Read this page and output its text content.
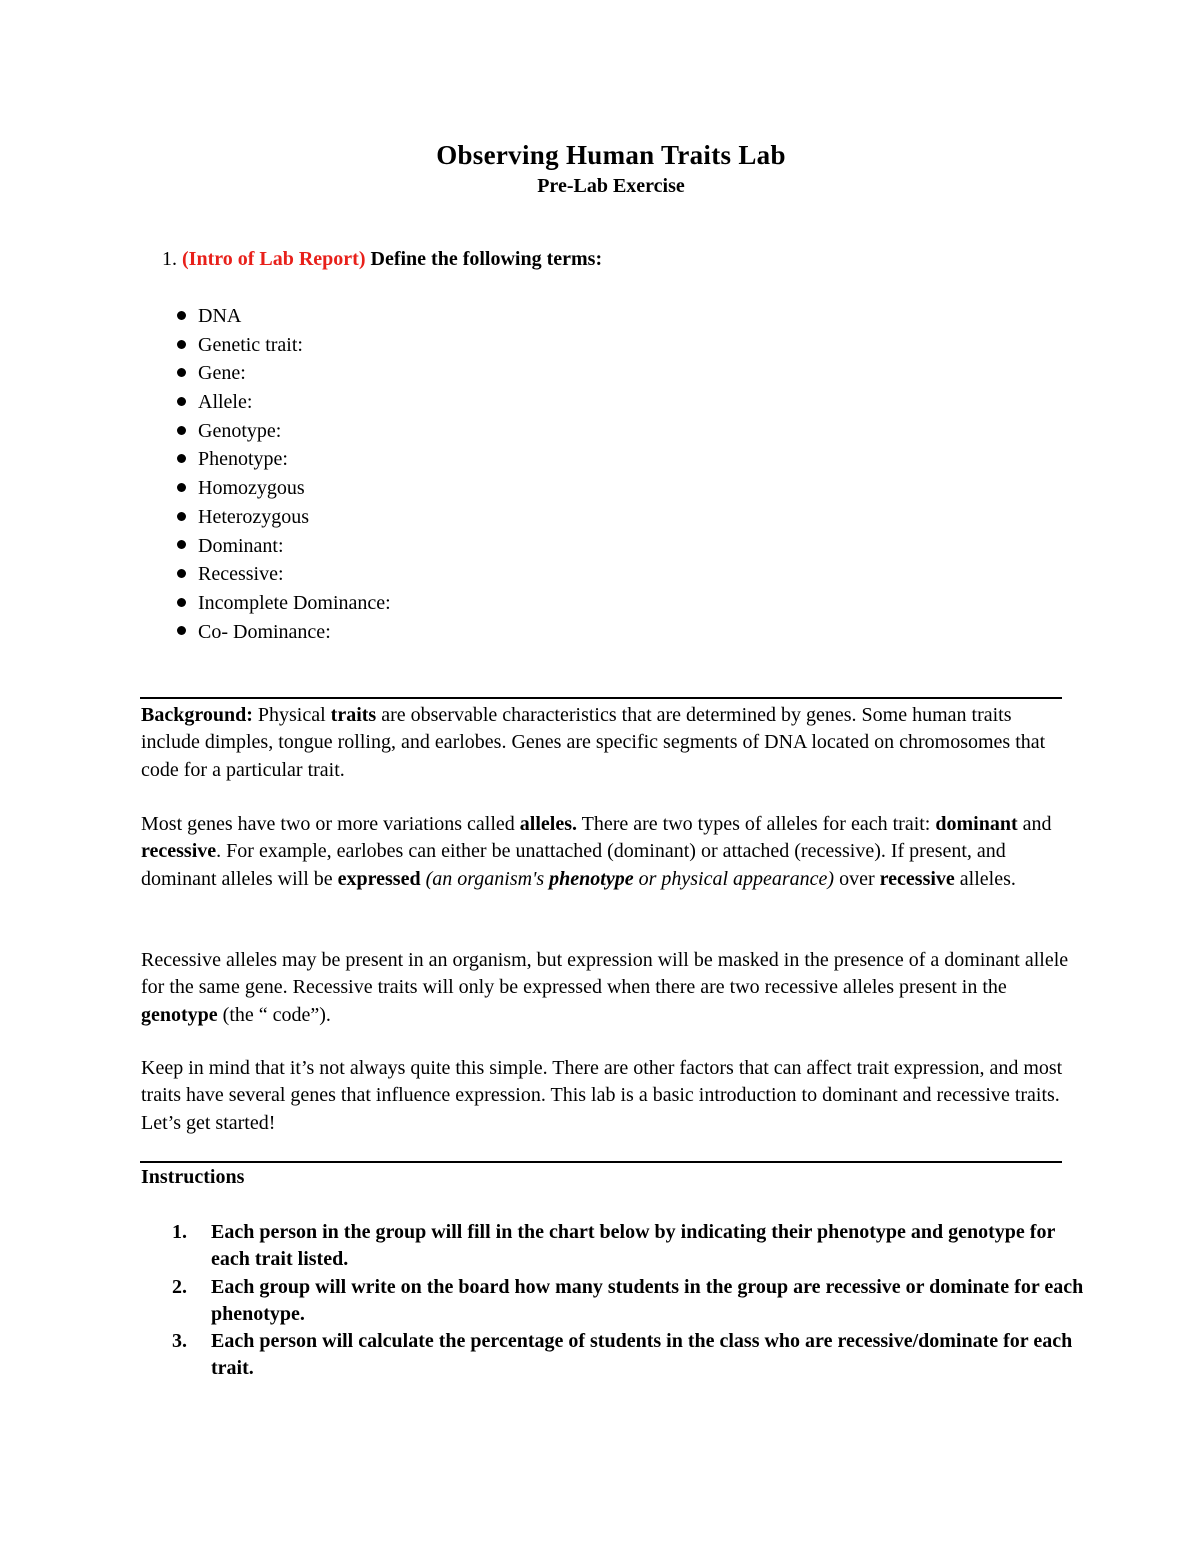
Observing Human Traits Lab
Pre-Lab Exercise
1. (Intro of Lab Report) Define the following terms:
DNA
Genetic trait:
Gene:
Allele:
Genotype:
Phenotype:
Homozygous
Heterozygous
Dominant:
Recessive:
Incomplete Dominance:
Co- Dominance:
Background: Physical traits are observable characteristics that are determined by genes. Some human traits include dimples, tongue rolling, and earlobes. Genes are specific segments of DNA located on chromosomes that code for a particular trait.
Most genes have two or more variations called alleles. There are two types of alleles for each trait: dominant and recessive. For example, earlobes can either be unattached (dominant) or attached (recessive). If present, and dominant alleles will be expressed (an organism's phenotype or physical appearance) over recessive alleles.
Recessive alleles may be present in an organism, but expression will be masked in the presence of a dominant allele for the same gene. Recessive traits will only be expressed when there are two recessive alleles present in the genotype (the “ code”).
Keep in mind that it’s not always quite this simple. There are other factors that can affect trait expression, and most traits have several genes that influence expression. This lab is a basic introduction to dominant and recessive traits. Let’s get started!
Instructions
1. Each person in the group will fill in the chart below by indicating their phenotype and genotype for each trait listed.
2. Each group will write on the board how many students in the group are recessive or dominate for each phenotype.
3. Each person will calculate the percentage of students in the class who are recessive/dominate for each trait.
